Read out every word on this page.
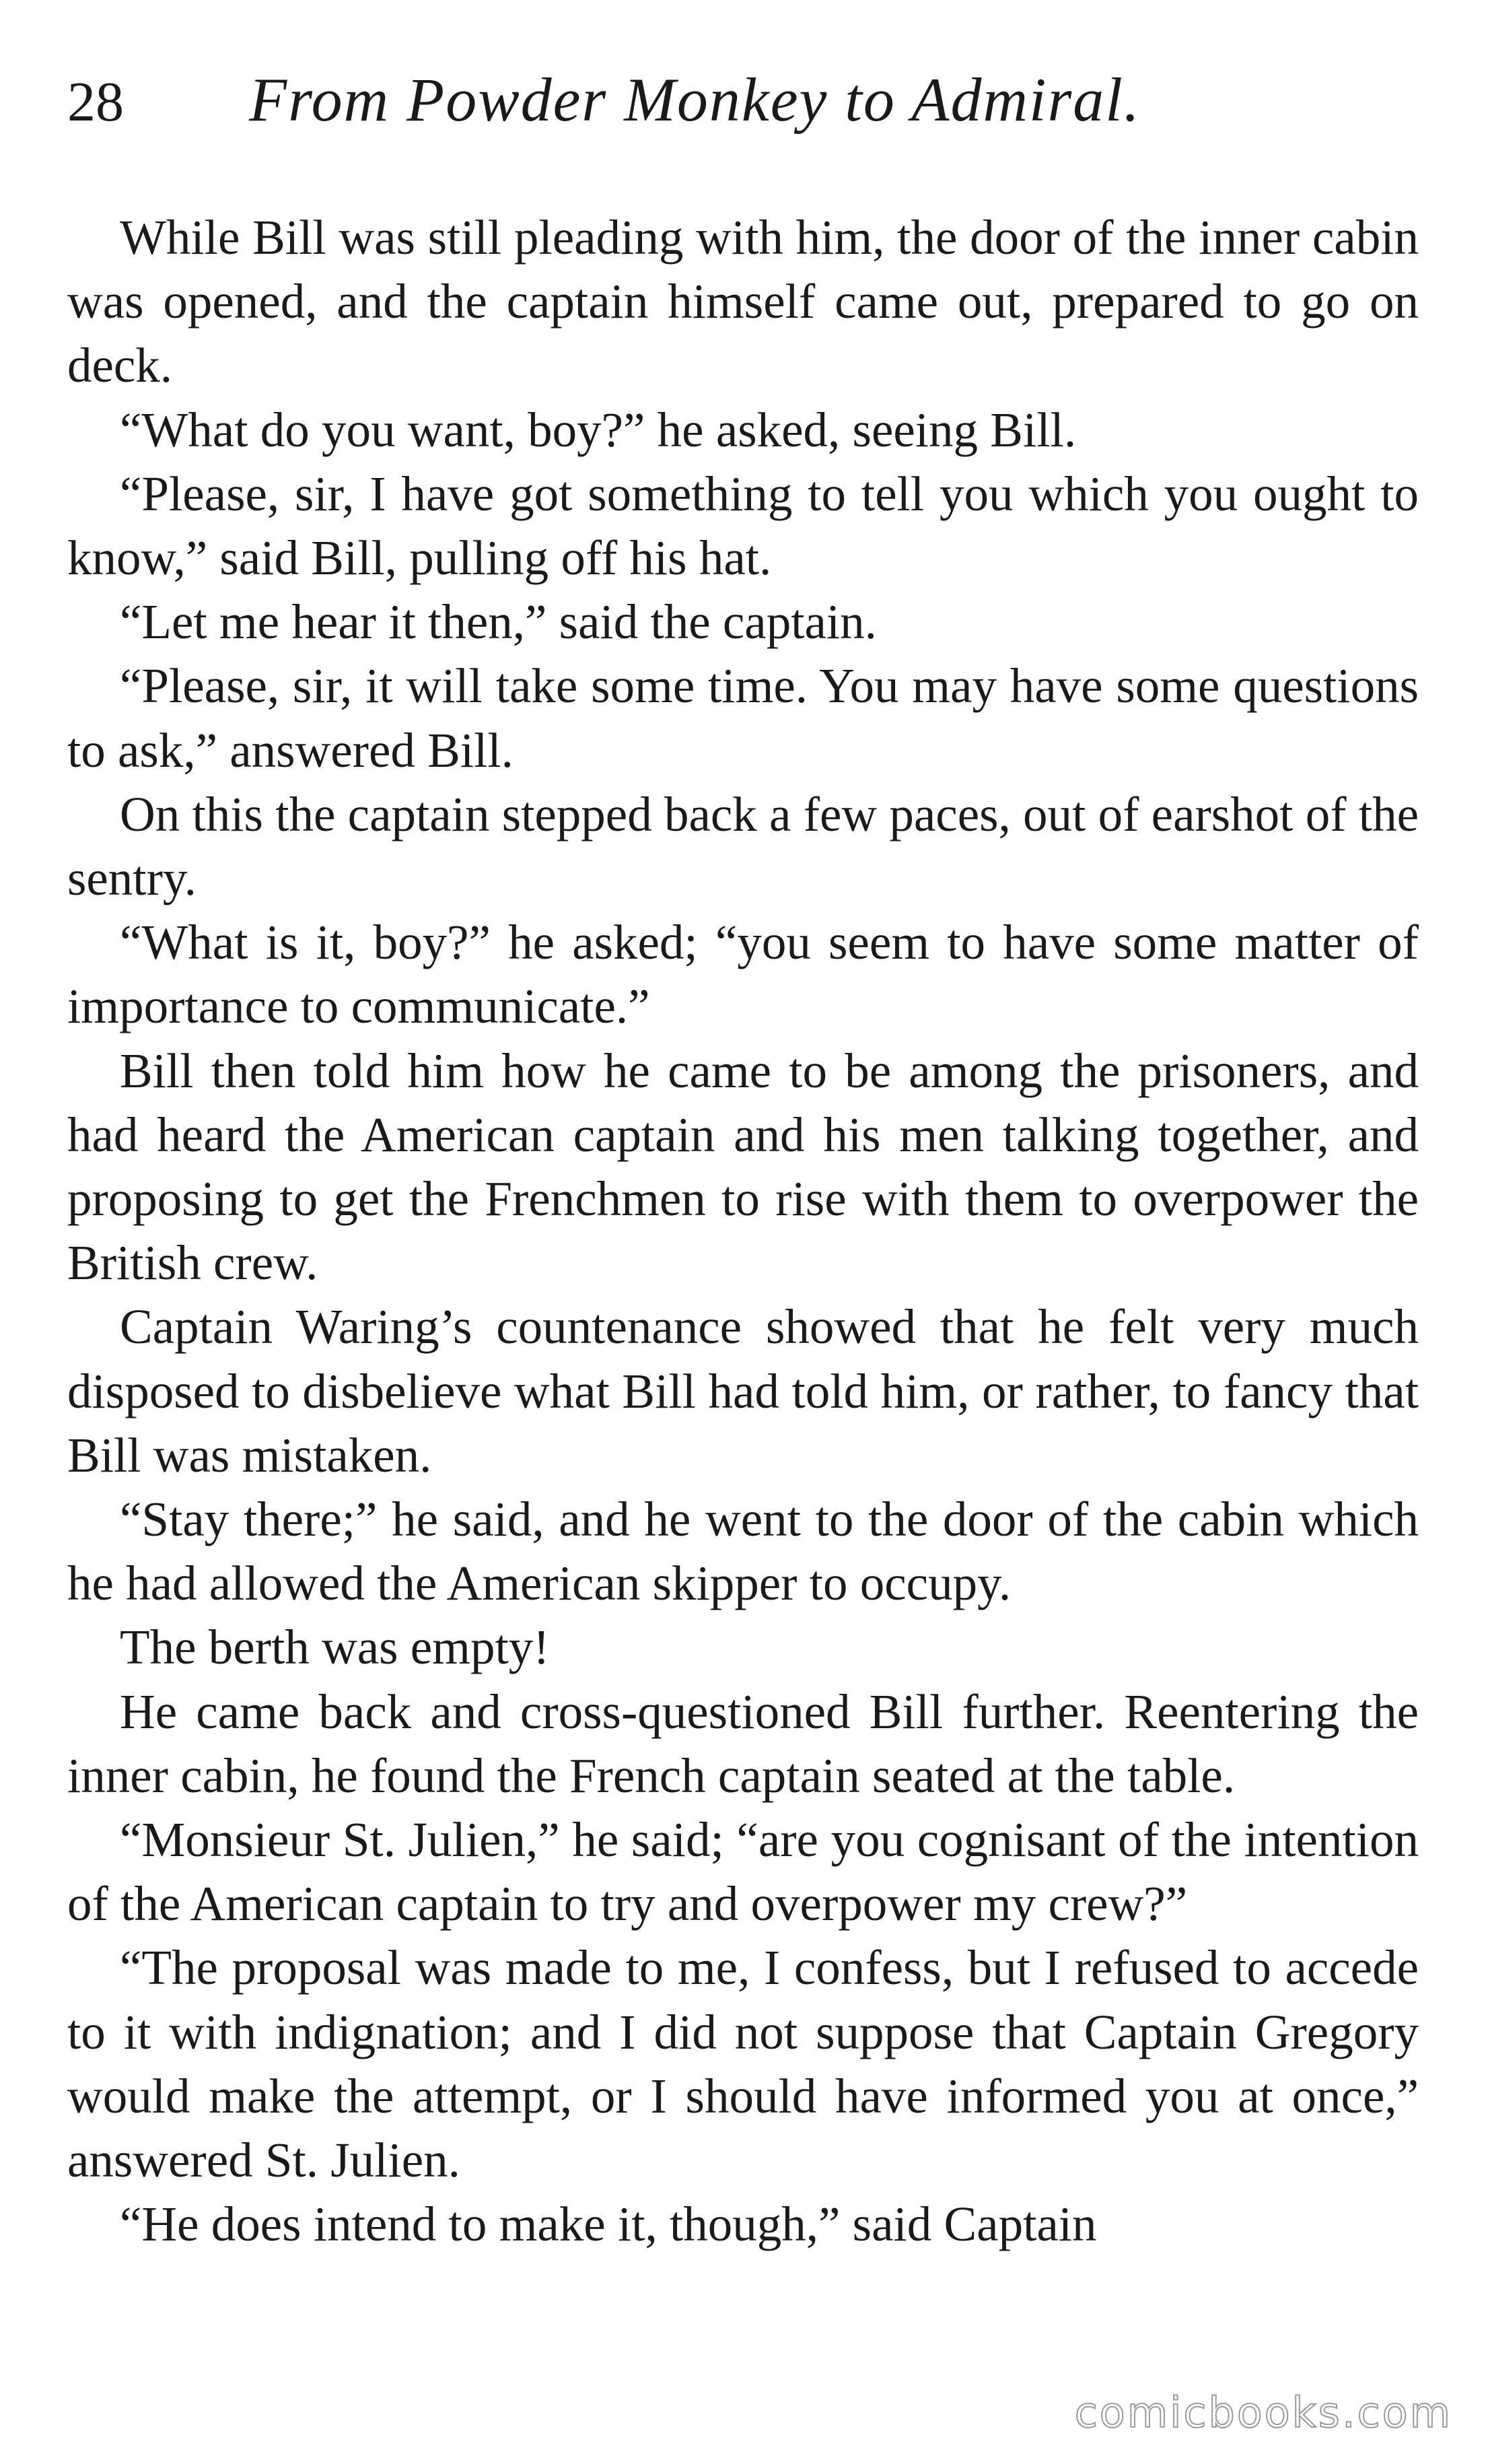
28	From Powder Monkey to Admiral.

While Bill was still pleading with him, the door of the inner cabin was opened, and the captain himself came out, prepared to go on deck.

“What do you want, boy?” he asked, seeing Bill.

“Please, sir, I have got something to tell you which you ought to know,” said Bill, pulling off his hat.

“Let me hear it then,” said the captain.

“Please, sir, it will take some time. You may have some questions to ask,” answered Bill.

On this the captain stepped back a few paces, out of earshot of the sentry.

“What is it, boy?” he asked; “you seem to have some matter of importance to communicate.”

Bill then told him how he came to be among the prisoners, and had heard the American captain and his men talking together, and proposing to get the Frenchmen to rise with them to overpower the British crew.

Captain Waring’s countenance showed that he felt very much disposed to disbelieve what Bill had told him, or rather, to fancy that Bill was mistaken.

“Stay there;” he said, and he went to the door of the cabin which he had allowed the American skipper to occupy.

The berth was empty!

He came back and cross-questioned Bill further. Reentering the inner cabin, he found the French captain seated at the table.

“Monsieur St. Julien,” he said; “are you cognisant of the intention of the American captain to try and overpower my crew?”

“The proposal was made to me, I confess, but I refused to accede to it with indignation; and I did not suppose that Captain Gregory would make the attempt, or I should have informed you at once,” answered St. Julien.

“He does intend to make it, though,” said Captain

comicbooks.com
